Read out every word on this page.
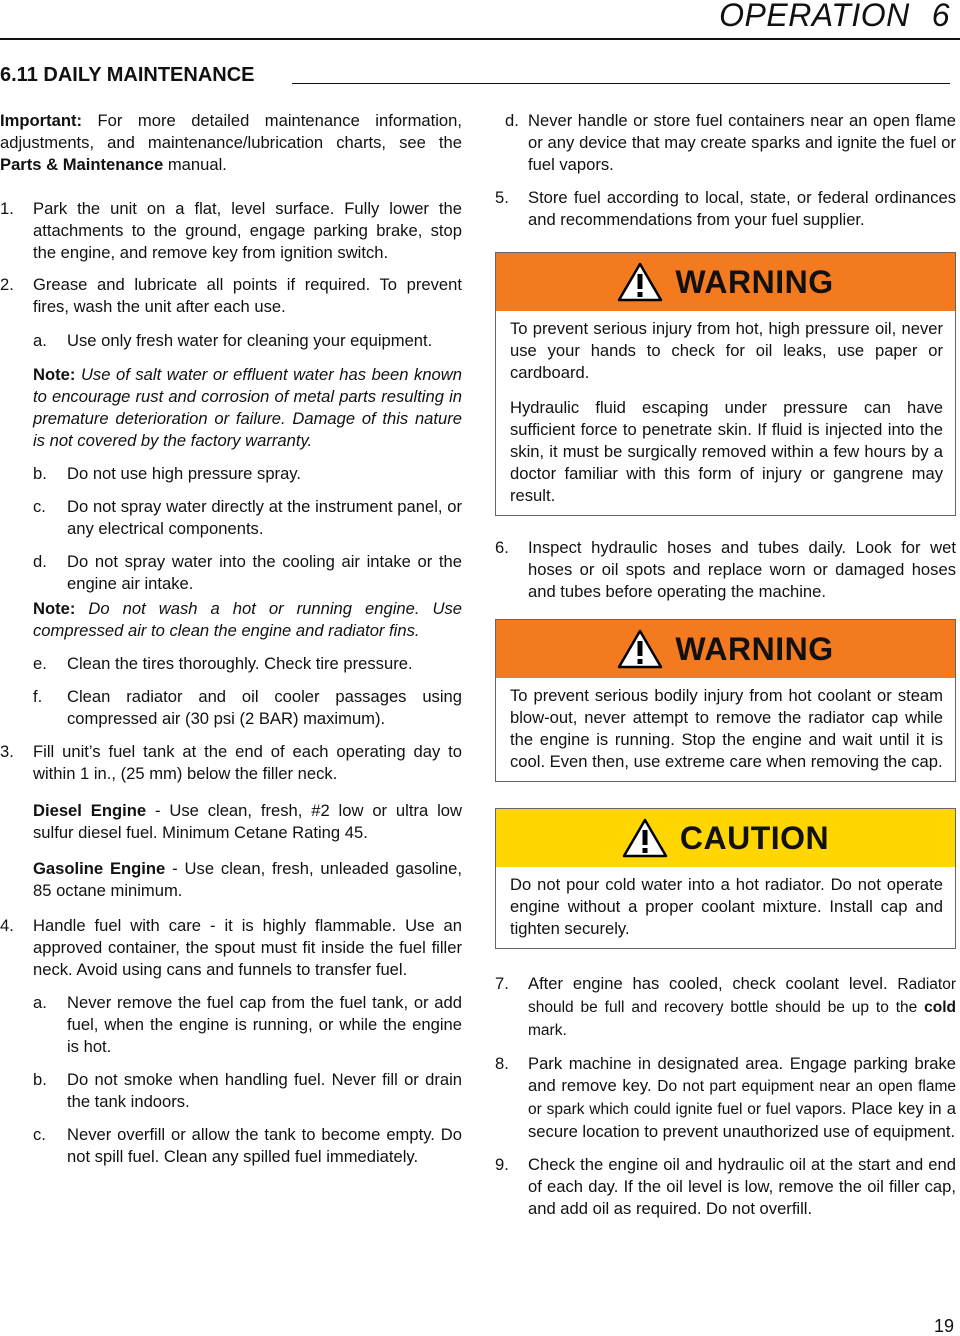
OPERATION 6
6.11 DAILY MAINTENANCE

Important: For more detailed maintenance information, adjustments, and maintenance/lubrication charts, see the Parts & Maintenance manual.

1. Park the unit on a flat, level surface. Fully lower the attachments to the ground, engage parking brake, stop the engine, and remove key from ignition switch.
2. Grease and lubricate all points if required. To prevent fires, wash the unit after each use.
a. Use only fresh water for cleaning your equipment.
Note: Use of salt water or effluent water has been known to encourage rust and corrosion of metal parts resulting in premature deterioration or failure. Damage of this nature is not covered by the factory warranty.
b. Do not use high pressure spray.
c. Do not spray water directly at the instrument panel, or any electrical components.
d. Do not spray water into the cooling air intake or the engine air intake.
Note: Do not wash a hot or running engine. Use compressed air to clean the engine and radiator fins.
e. Clean the tires thoroughly. Check tire pressure.
f. Clean radiator and oil cooler passages using compressed air (30 psi (2 BAR) maximum).
3. Fill unit’s fuel tank at the end of each operating day to within 1 in., (25 mm) below the filler neck.
Diesel Engine - Use clean, fresh, #2 low or ultra low sulfur diesel fuel. Minimum Cetane Rating 45.
Gasoline Engine - Use clean, fresh, unleaded gasoline, 85 octane minimum.
4. Handle fuel with care - it is highly flammable. Use an approved container, the spout must fit inside the fuel filler neck. Avoid using cans and funnels to transfer fuel.
a. Never remove the fuel cap from the fuel tank, or add fuel, when the engine is running, or while the engine is hot.
b. Do not smoke when handling fuel. Never fill or drain the tank indoors.
c. Never overfill or allow the tank to become empty. Do not spill fuel. Clean any spilled fuel immediately.
d. Never handle or store fuel containers near an open flame or any device that may create sparks and ignite the fuel or fuel vapors.
5. Store fuel according to local, state, or federal ordinances and recommendations from your fuel supplier.
WARNING

To prevent serious injury from hot, high pressure oil, never use your hands to check for oil leaks, use paper or cardboard.

Hydraulic fluid escaping under pressure can have sufficient force to penetrate skin. If fluid is injected into the skin, it must be surgically removed within a few hours by a doctor familiar with this form of injury or gangrene may result.

6. Inspect hydraulic hoses and tubes daily. Look for wet hoses or oil spots and replace worn or damaged hoses and tubes before operating the machine.
WARNING

To prevent serious bodily injury from hot coolant or steam blow-out, never attempt to remove the radiator cap while the engine is running. Stop the engine and wait until it is cool. Even then, use extreme care when removing the cap.

CAUTION

Do not pour cold water into a hot radiator. Do not operate engine without a proper coolant mixture. Install cap and tighten securely.

7. After engine has cooled, check coolant level. Radiator should be full and recovery bottle should be up to the cold mark.
8. Park machine in designated area. Engage parking brake and remove key. Do not part equipment near an open flame or spark which could ignite fuel or fuel vapors. Place key in a secure location to prevent unauthorized use of equipment.
9. Check the engine oil and hydraulic oil at the start and end of each day. If the oil level is low, remove the oil filler cap, and add oil as required. Do not overfill.
19
